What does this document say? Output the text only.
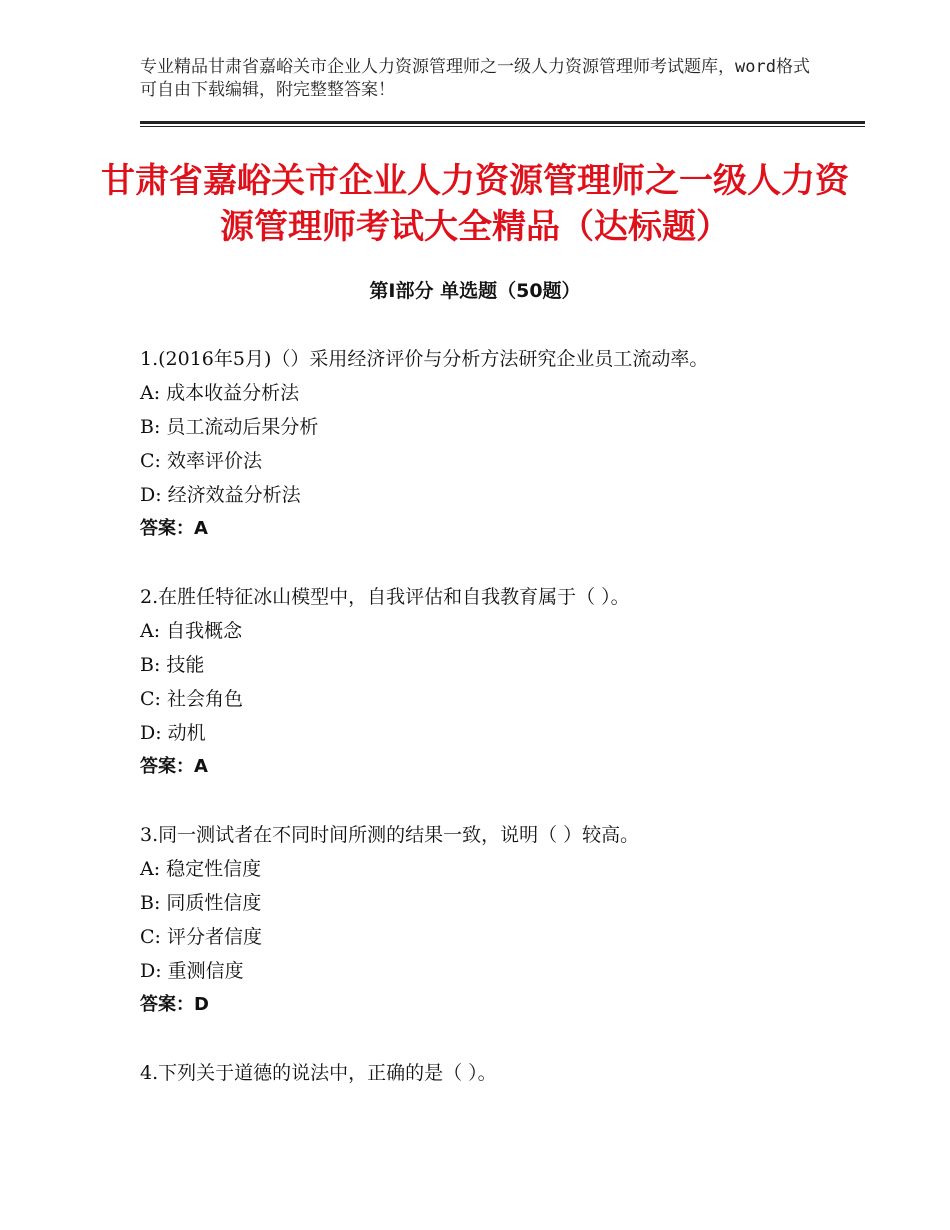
专业精品甘肃省嘉峪关市企业人力资源管理师之一级人力资源管理师考试题库，word格式可自由下载编辑，附完整整答案！
甘肃省嘉峪关市企业人力资源管理师之一级人力资源管理师考试大全精品（达标题）
第Ⅰ部分 单选题（50题）
1.(2016年5月)（）采用经济评价与分析方法研究企业员工流动率。
A: 成本收益分析法
B: 员工流动后果分析
C: 效率评价法
D: 经济效益分析法
答案：A
2.在胜任特征冰山模型中，自我评估和自我教育属于（ ）。
A: 自我概念
B: 技能
C: 社会角色
D: 动机
答案：A
3.同一测试者在不同时间所测的结果一致，说明（ ）较高。
A: 稳定性信度
B: 同质性信度
C: 评分者信度
D: 重测信度
答案：D
4.下列关于道德的说法中，正确的是（ ）。
